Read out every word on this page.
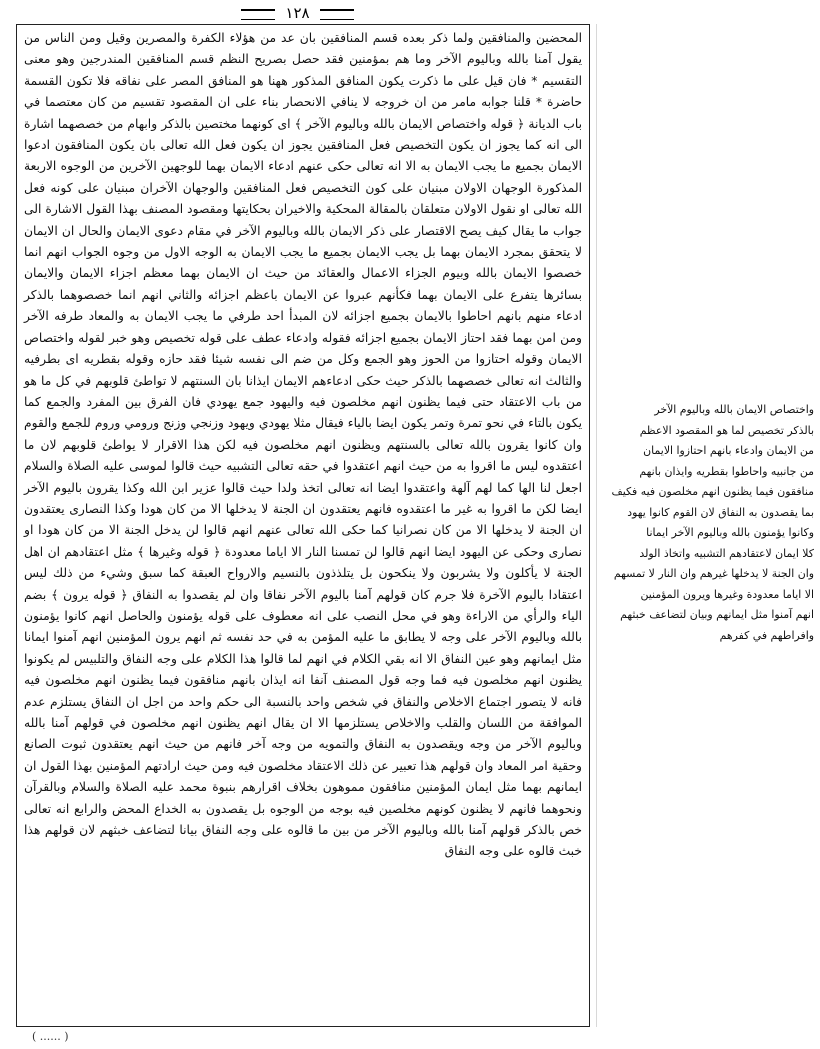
١٢٨

المحضين والمنافقين ولما ذكر بعده قسم المنافقين بان عد من هؤلاء الكفرة والمصرين وقيل ومن الناس من يقول آمنا بالله وباليوم الآخر وما هم بمؤمنين فقد حصل بصريح النظم قسم المنافقين المندرجين وهو معنى التقسيم * فان قيل على ما ذكرت يكون المنافق المذكور ههنا هو المنافق المصر على نفاقه فلا تكون القسمة حاضرة * قلنا جوابه مامر من ان خروجه لا ينافي الانحصار بناء على ان المقصود تقسيم من كان معتصما في باب الديانة ﴿ قوله واختصاص الايمان بالله وباليوم الآخر ﴾ اى كونهما مختصين بالذكر وابهام من خصصهما اشارة الى انه كما يجوز ان يكون التخصيص فعل المنافقين يجوز ان يكون فعل الله تعالى بان يكون المنافقون ادعوا الايمان بجميع ما يجب الايمان به الا انه تعالى حكى عنهم ادعاء الايمان بهما للوجهين الآخرين من الوجوه الاربعة المذكورة الوجهان الاولان مبنيان على كون التخصيص فعل المنافقين والوجهان الآخران مبنيان على كونه فعل الله تعالى او نقول الاولان متعلقان بالمقالة المحكية والاخيران بحكايتها ومقصود المصنف بهذا القول الاشارة الى جواب ما يقال كيف يصح الاقتصار على ذكر الايمان بالله وباليوم الآخر في مقام دعوى الايمان والحال ان الايمان لا يتحقق بمجرد الايمان بهما بل يجب الايمان بجميع ما يجب الايمان به الوجه الاول من وجوه الجواب انهم انما خصصوا الايمان بالله وبيوم الجزاء الاعمال والعقائد من حيث ان الايمان بهما معظم اجزاء الايمان والايمان بسائرها يتفرع على الايمان بهما فكأنهم عبروا عن الايمان باعظم اجزائه والثاني انهم انما خصصوهما بالذكر ادعاء منهم بانهم احاطوا بالايمان بجميع اجزائه لان المبدأ احد طرفي ما يجب الايمان به والمعاد طرفه الآخر ومن امن بهما فقد احتاز الايمان بجميع اجزائه فقوله وادعاء عطف على قوله تخصيص وهو خبر لقوله واختصاص الايمان وقوله احتازوا من الحوز وهو الجمع وكل من ضم الى نفسه شيئا فقد حازه وقوله بقطريه اى بطرفيه والثالث انه تعالى خصصهما بالذكر حيث حكى ادعاءهم الايمان ايذانا بان السنتهم لا تواطئ قلوبهم في كل ما هو من باب الاعتقاد حتى فيما يظنون انهم مخلصون فيه واليهود جمع يهودي فان الفرق بين المفرد والجمع كما يكون بالتاء في نحو تمرة وتمر يكون ايضا بالياء فيقال مثلا يهودي ويهود وزنجي وزنج ورومي وروم للجمع والقوم وان كانوا يقرون بالله تعالى بالسنتهم ويظنون انهم مخلصون فيه لكن هذا الاقرار لا يواطئ قلوبهم لان ما اعتقدوه ليس ما اقروا به من حيث انهم اعتقدوا في حقه تعالى التشبيه حيث قالوا لموسى عليه الصلاة والسلام اجعل لنا الها كما لهم آلهة واعتقدوا ايضا انه تعالى اتخذ ولدا حيث قالوا عزير ابن الله وكذا يقرون باليوم الآخر ايضا لكن ما اقروا به غير ما اعتقدوه فانهم يعتقدون ان الجنة لا يدخلها الا من كان هودا وكذا النصارى يعتقدون ان الجنة لا يدخلها الا من كان نصرانيا كما حكى الله تعالى عنهم انهم قالوا لن يدخل الجنة الا من كان هودا او نصارى وحكى عن اليهود ايضا انهم قالوا لن تمسنا النار الا اياما معدودة ﴿ قوله وغيرها ﴾ مثل اعتقادهم ان اهل الجنة لا يأكلون ولا يشربون ولا ينكحون بل يتلذذون بالنسيم والارواح العبقة كما سبق وشيء من ذلك ليس اعتقادا باليوم الآخرة فلا جرم كان قولهم آمنا باليوم الآخر نفاقا وان لم يقصدوا به النفاق ﴿ قوله يرون ﴾ بضم الياء والرأي من الاراءة وهو في محل النصب على انه معطوف على قوله يؤمنون والحاصل انهم كانوا يؤمنون بالله وباليوم الآخر على وجه لا يطابق ما عليه المؤمن به في حد نفسه ثم انهم يرون المؤمنين انهم آمنوا ايمانا مثل ايمانهم وهو عين النفاق الا انه بقي الكلام في انهم لما قالوا هذا الكلام على وجه النفاق والتلبيس لم يكونوا يظنون انهم مخلصون فيه فما وجه قول المصنف آنفا انه ايذان بانهم منافقون فيما يظنون انهم مخلصون فيه فانه لا يتصور اجتماع الاخلاص والنفاق في شخص واحد بالنسبة الى حكم واحد من اجل ان النفاق يستلزم عدم الموافقة من اللسان والقلب والاخلاص يستلزمها الا ان يقال انهم يظنون انهم مخلصون في قولهم آمنا بالله وباليوم الآخر من وجه ويقصدون به النفاق والتمويه من وجه آخر فانهم من حيث انهم يعتقدون ثبوت الصانع وحقية امر المعاد وان قولهم هذا تعبير عن ذلك الاعتقاد مخلصون فيه ومن حيث ارادتهم المؤمنين بهذا القول ان ايمانهم بهما مثل ايمان المؤمنين منافقون مموهون بخلاف اقرارهم بنبوة محمد عليه الصلاة والسلام وبالقرآن ونحوهما فانهم لا يظنون كونهم مخلصين فيه بوجه من الوجوه بل يقصدون به الخداع المحض والرابع انه تعالى خص بالذكر قولهم آمنا بالله وباليوم الآخر من بين ما قالوه على وجه النفاق بيانا لتضاعف خبثهم لان قولهم هذا خبث قالوه على وجه النفاق

واختصاص الايمان بالله وباليوم الآخر
بالذكر تخصيص لما هو المقصود الاعظم
من الايمان وادعاء بانهم احتازوا الايمان
من جانبيه واحاطوا بقطريه وايذان بانهم
منافقون فيما يظنون انهم مخلصون فيه فكيف
بما يقصدون به النفاق لان القوم كانوا يهود
وكانوا يؤمنون بالله وباليوم الآخر ايمانا
كلا ايمان لاعتقادهم التشبيه واتخاذ الولد
وان الجنة لا يدخلها غيرهم وان النار لا تمسهم
الا اياما معدودة وغيرها ويرون المؤمنين
انهم آمنوا مثل ايمانهم وبيان لتضاعف خبثهم
وافراطهم في كفرهم
( ...... )
